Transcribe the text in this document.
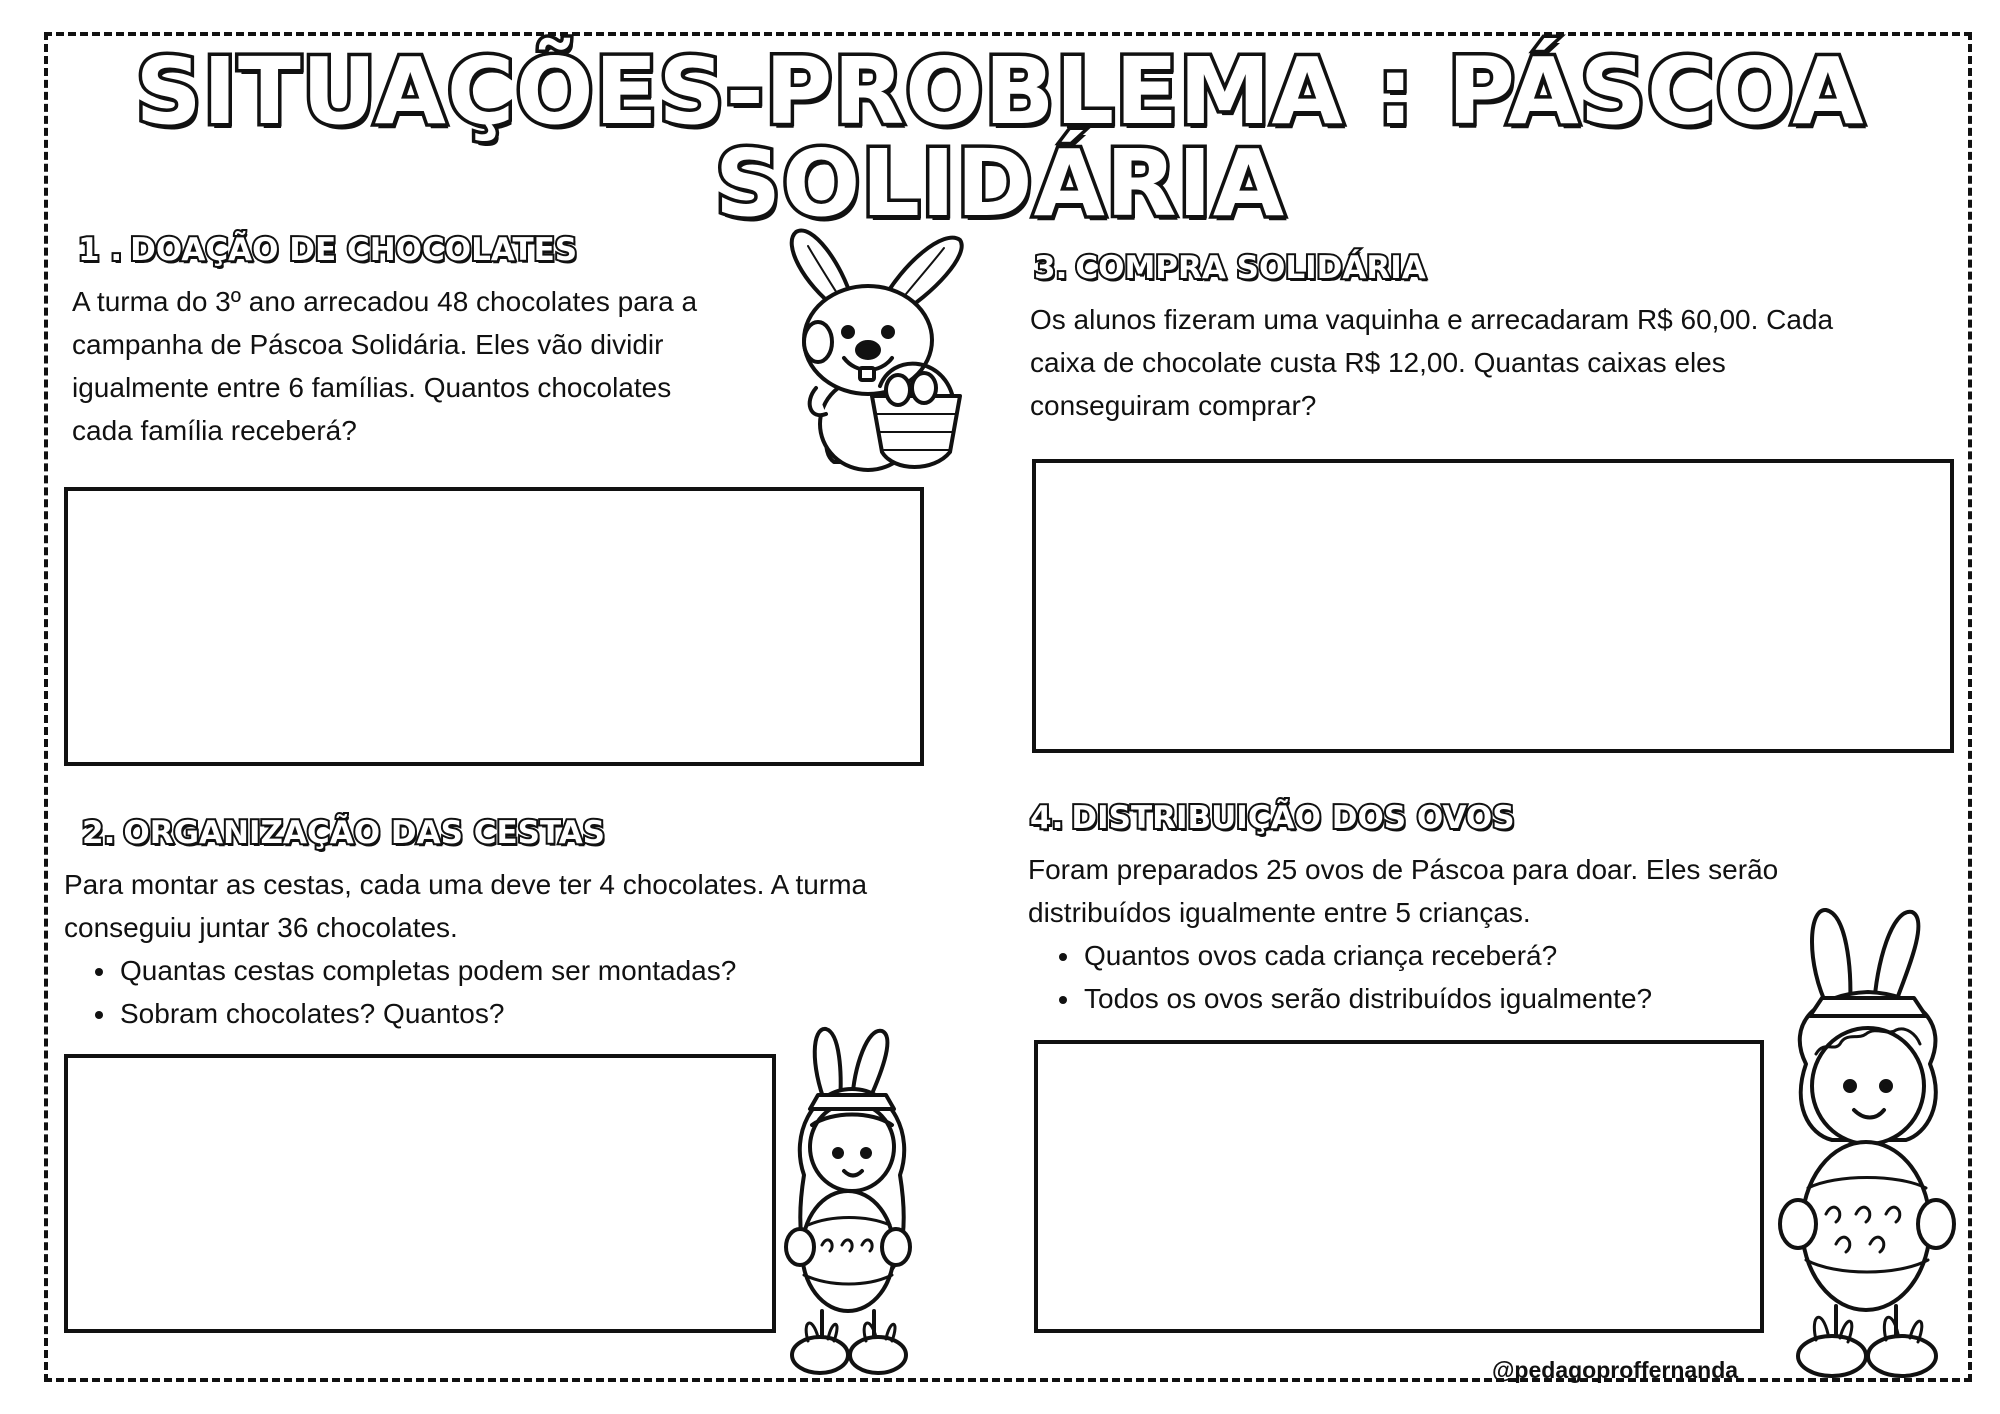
SITUAÇÕES-PROBLEMA : PÁSCOA SOLIDÁRIA
1 . DOAÇÃO DE CHOCOLATES

A turma do 3º ano arrecadou 48 chocolates para a

campanha de Páscoa Solidária. Eles vão dividir

igualmente entre 6 famílias. Quantos chocolates

cada família receberá?

2. ORGANIZAÇÃO DAS CESTAS

Para montar as cestas, cada uma deve ter 4 chocolates. A turma

conseguiu juntar 36 chocolates.

• Quantas cestas completas podem ser montadas?
• Sobram chocolates? Quantos?
3. COMPRA SOLIDÁRIA

Os alunos fizeram uma vaquinha e arrecadaram R$ 60,00. Cada

caixa de chocolate custa R$ 12,00. Quantas caixas eles

conseguiram comprar?

4. DISTRIBUIÇÃO DOS OVOS

Foram preparados 25 ovos de Páscoa para doar. Eles serão

distribuídos igualmente entre 5 crianças.

• Quantos ovos cada criança receberá?
• Todos os ovos serão distribuídos igualmente?
@pedagoproffernanda
